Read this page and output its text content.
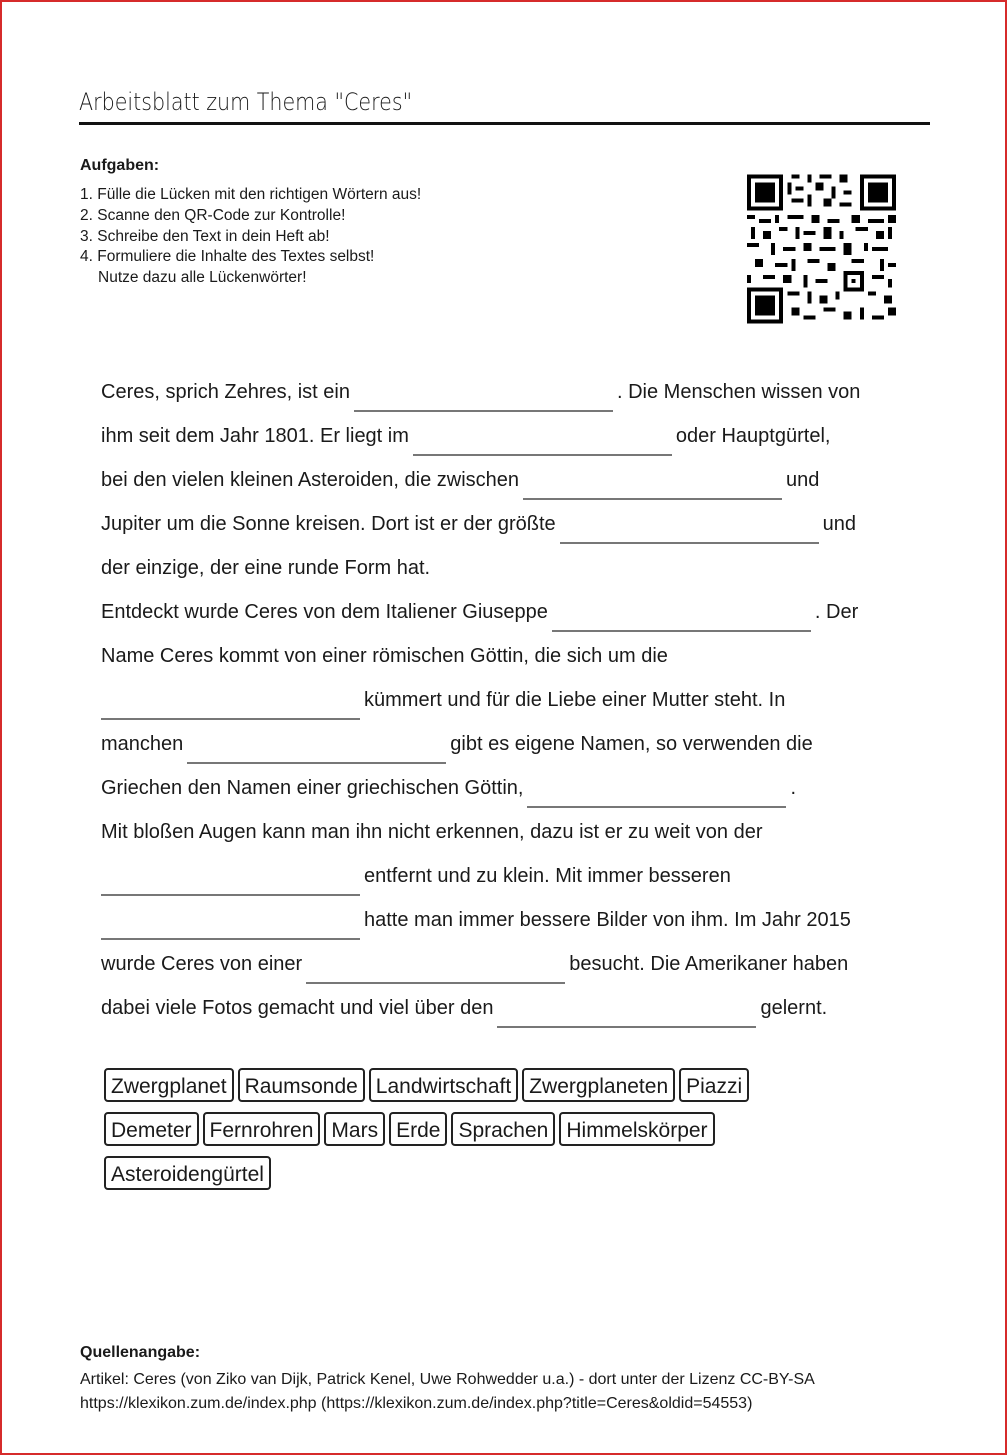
Arbeitsblatt zum Thema "Ceres"
Aufgaben:
1. Fülle die Lücken mit den richtigen Wörtern aus!
2. Scanne den QR-Code zur Kontrolle!
3. Schreibe den Text in dein Heft ab!
4. Formuliere die Inhalte des Textes selbst!
Nutze dazu alle Lückenwörter!
Ceres, sprich Zehres, ist ein	. Die Menschen wissen von
ihm seit dem Jahr 1801. Er liegt im	oder Hauptgürtel,
bei den vielen kleinen Asteroiden, die zwischen	und
Jupiter um die Sonne kreisen. Dort ist er der größte	und
der einzige, der eine runde Form hat.
Entdeckt wurde Ceres von dem Italiener Giuseppe	. Der
Name Ceres kommt von einer römischen Göttin, die sich um die
kümmert und für die Liebe einer Mutter steht. In
manchen	gibt es eigene Namen, so verwenden die
Griechen den Namen einer griechischen Göttin,	.
Mit bloßen Augen kann man ihn nicht erkennen, dazu ist er zu weit von der
entfernt und zu klein. Mit immer besseren
hatte man immer bessere Bilder von ihm. Im Jahr 2015
wurde Ceres von einer	besucht. Die Amerikaner haben
dabei viele Fotos gemacht und viel über den	gelernt.
Zwergplanet Raumsonde Landwirtschaft Zwergplaneten Piazzi
Demeter Fernrohren Mars Erde Sprachen Himmelskörper
Asteroidengürtel
Quellenangabe:
Artikel: Ceres (von Ziko van Dijk, Patrick Kenel, Uwe Rohwedder u.a.) - dort unter der Lizenz CC-BY-SA
https://klexikon.zum.de/index.php (https://klexikon.zum.de/index.php?title=Ceres&oldid=54553)
